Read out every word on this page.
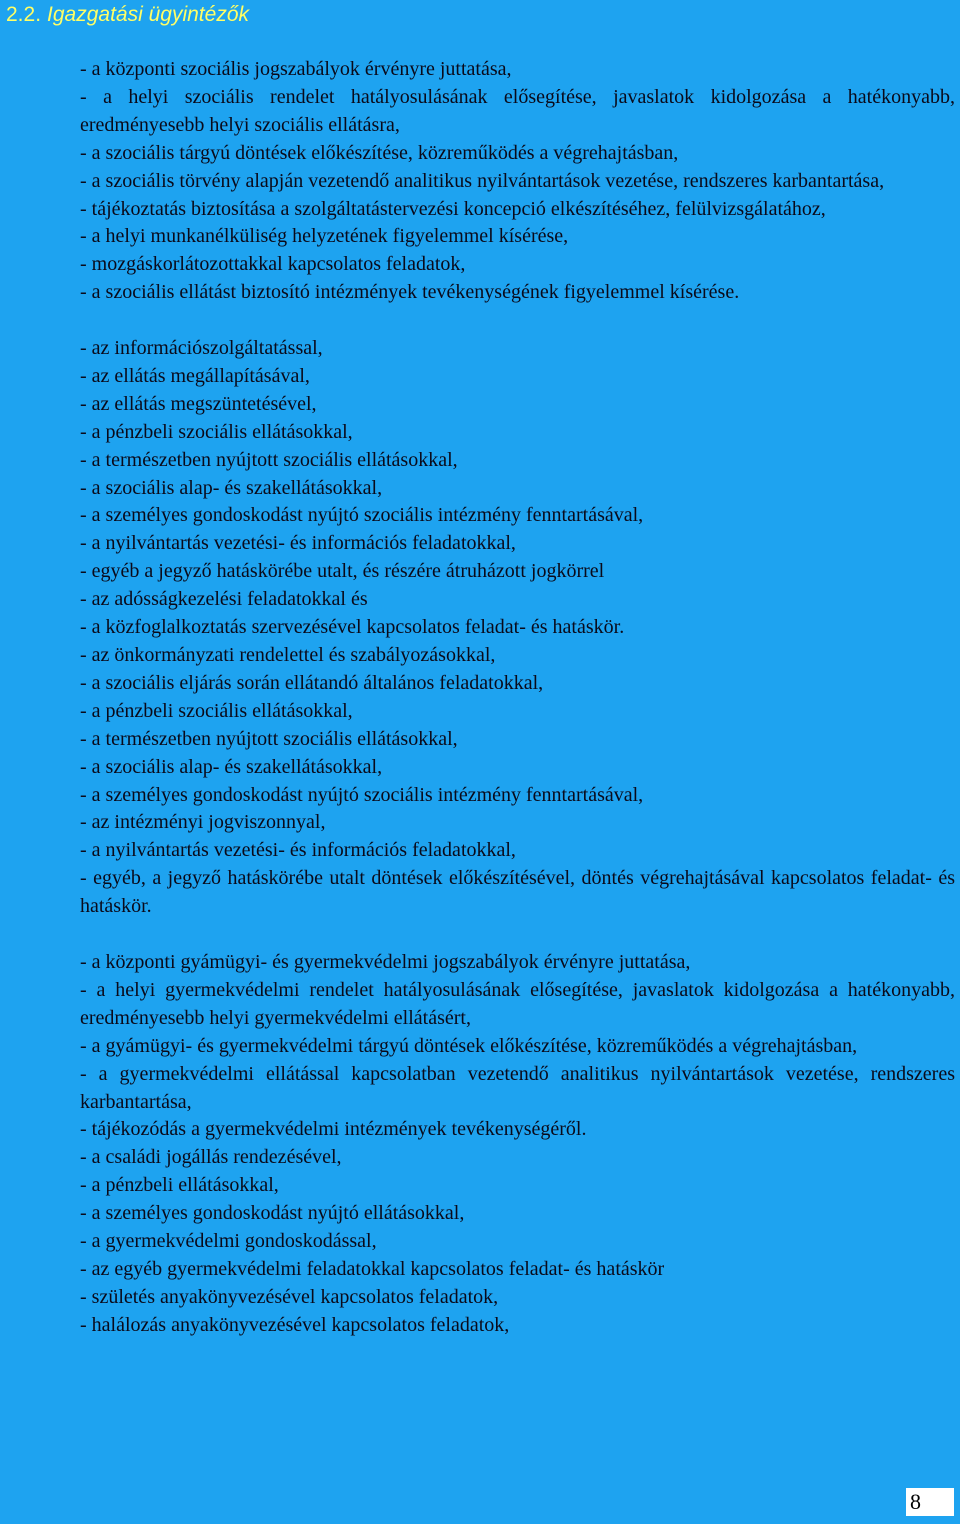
2.2. Igazgatási ügyintézők

- a központi szociális jogszabályok érvényre juttatása,

- a helyi szociális rendelet hatályosulásának elősegítése, javaslatok kidolgozása a hatékonyabb, eredményesebb helyi szociális ellátásra,

- a szociális tárgyú döntések előkészítése, közreműködés a végrehajtásban,

- a szociális törvény alapján vezetendő analitikus nyilvántartások vezetése, rendszeres karbantartása,

- tájékoztatás biztosítása a szolgáltatástervezési koncepció elkészítéséhez, felülvizsgálatához,

- a helyi munkanélküliség helyzetének figyelemmel kísérése,

- mozgáskorlátozottakkal kapcsolatos feladatok,

- a szociális ellátást biztosító intézmények tevékenységének figyelemmel kísérése.

- az információszolgáltatással,

- az ellátás megállapításával,

- az ellátás megszüntetésével,

- a pénzbeli szociális ellátásokkal,

- a természetben nyújtott szociális ellátásokkal,

- a szociális alap- és szakellátásokkal,

- a személyes gondoskodást nyújtó szociális intézmény fenntartásával,

- a nyilvántartás vezetési- és információs feladatokkal,

- egyéb a jegyző hatáskörébe utalt, és részére átruházott jogkörrel

- az adósságkezelési feladatokkal és

- a közfoglalkoztatás szervezésével kapcsolatos feladat- és hatáskör.

- az önkormányzati rendelettel és szabályozásokkal,

- a szociális eljárás során ellátandó általános feladatokkal,

- a pénzbeli szociális ellátásokkal,

- a természetben nyújtott szociális ellátásokkal,

- a szociális alap- és szakellátásokkal,

- a személyes gondoskodást nyújtó szociális intézmény fenntartásával,

- az intézményi jogviszonnyal,

- a nyilvántartás vezetési- és információs feladatokkal,

- egyéb, a jegyző hatáskörébe utalt döntések előkészítésével, döntés végrehajtásával kapcsolatos feladat- és hatáskör.

- a központi gyámügyi- és gyermekvédelmi jogszabályok érvényre juttatása,

- a helyi gyermekvédelmi rendelet hatályosulásának elősegítése, javaslatok kidolgozása a hatékonyabb, eredményesebb helyi gyermekvédelmi ellátásért,

- a gyámügyi- és gyermekvédelmi tárgyú döntések előkészítése, közreműködés a végrehajtásban,

- a gyermekvédelmi ellátással kapcsolatban vezetendő analitikus nyilvántartások vezetése, rendszeres karbantartása,

- tájékozódás a gyermekvédelmi intézmények tevékenységéről.

- a családi jogállás rendezésével,

- a pénzbeli ellátásokkal,

- a személyes gondoskodást nyújtó ellátásokkal,

- a gyermekvédelmi gondoskodással,

- az egyéb gyermekvédelmi feladatokkal kapcsolatos feladat- és hatáskör

- születés anyakönyvezésével kapcsolatos feladatok,

- halálozás anyakönyvezésével kapcsolatos feladatok,

8
